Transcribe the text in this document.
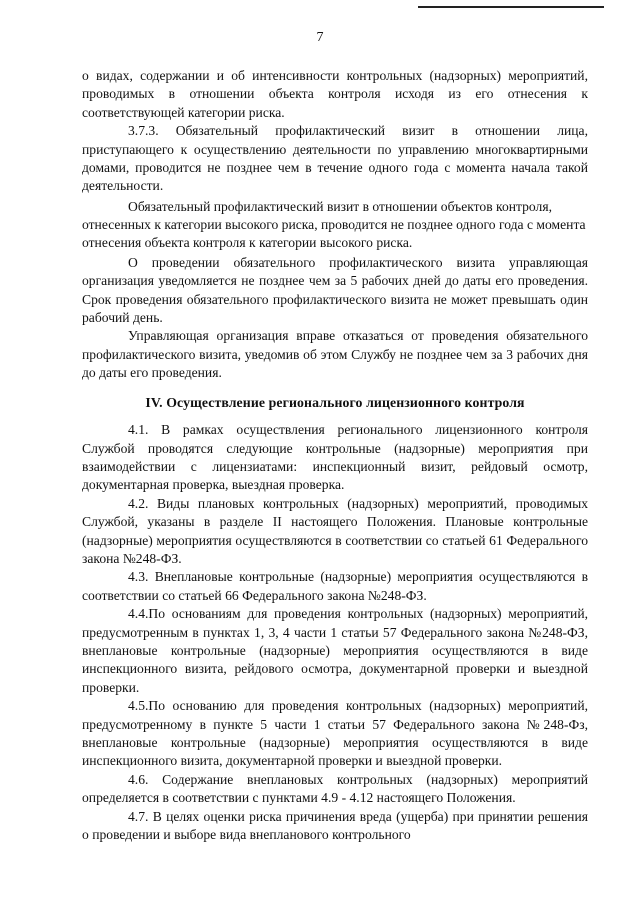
7

о видах, содержании и об интенсивности контрольных (надзорных) мероприятий, проводимых в отношении объекта контроля исходя из его отнесения к соответствующей категории риска.

3.7.3. Обязательный профилактический визит в отношении лица, приступающего к осуществлению деятельности по управлению многоквартирными домами, проводится не позднее чем в течение одного года с момента начала такой деятельности.

Обязательный профилактический визит в отношении объектов контроля, отнесенных к категории высокого риска, проводится не позднее одного года с момента отнесения объекта контроля к категории высокого риска.

О проведении обязательного профилактического визита управляющая организация уведомляется не позднее чем за 5 рабочих дней до даты его проведения. Срок проведения обязательного профилактического визита не может превышать один рабочий день.

Управляющая организация вправе отказаться от проведения обязательного профилактического визита, уведомив об этом Службу не позднее чем за 3 рабочих дня до даты его проведения.

IV. Осуществление регионального лицензионного контроля

4.1. В рамках осуществления регионального лицензионного контроля Службой проводятся следующие контрольные (надзорные) мероприятия при взаимодействии с лицензиатами: инспекционный визит, рейдовый осмотр, документарная проверка, выездная проверка.

4.2. Виды плановых контрольных (надзорных) мероприятий, проводимых Службой, указаны в разделе II настоящего Положения. Плановые контрольные (надзорные) мероприятия осуществляются в соответствии со статьей 61 Федерального закона №248-ФЗ.

4.3. Внеплановые контрольные (надзорные) мероприятия осуществляются в соответствии со статьей 66 Федерального закона №248-ФЗ.

4.4.По основаниям для проведения контрольных (надзорных) мероприятий, предусмотренным в пунктах 1, 3, 4 части 1 статьи 57 Федерального закона №248-ФЗ, внеплановые контрольные (надзорные) мероприятия осуществляются в виде инспекционного визита, рейдового осмотра, документарной проверки и выездной проверки.

4.5.По основанию для проведения контрольных (надзорных) мероприятий, предусмотренному в пункте 5 части 1 статьи 57 Федерального закона №248-Фз, внеплановые контрольные (надзорные) мероприятия осуществляются в виде инспекционного визита, документарной проверки и выездной проверки.

4.6. Содержание внеплановых контрольных (надзорных) мероприятий определяется в соответствии с пунктами 4.9 - 4.12 настоящего Положения.

4.7. В целях оценки риска причинения вреда (ущерба) при принятии решения о проведении и выборе вида внепланового контрольного
